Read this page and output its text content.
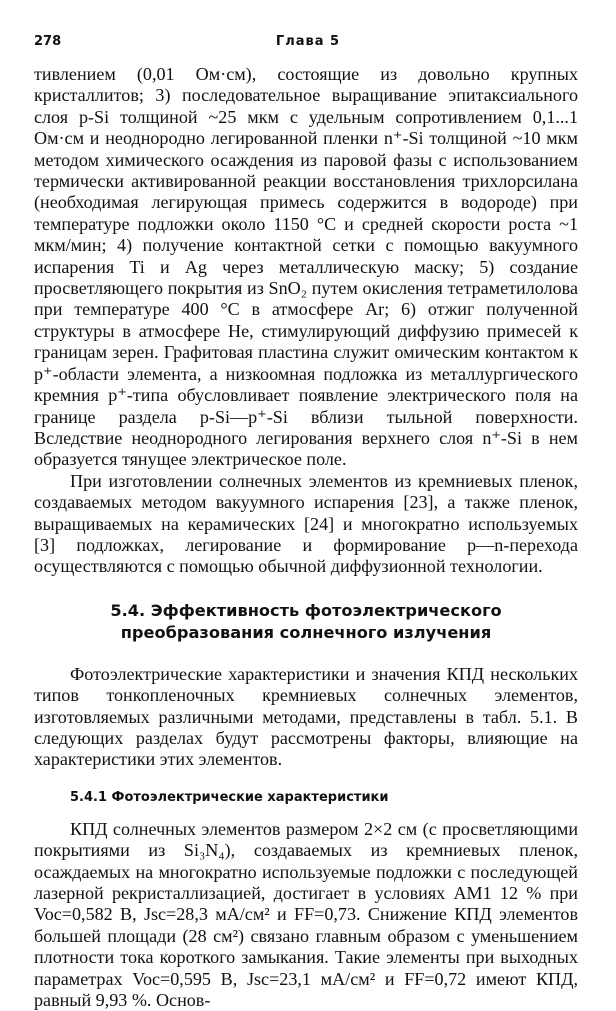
278	Глава 5

тивлением (0,01 Ом·см), состоящие из довольно крупных кристаллитов; 3) последовательное выращивание эпитаксиального слоя p-Si толщиной ~25 мкм с удельным сопротивлением 0,1...1 Ом·см и неоднородно легированной пленки n⁺-Si толщиной ~10 мкм методом химического осаждения из паровой фазы с использованием термически активированной реакции восстановления трихлорсилана (необходимая легирующая примесь содержится в водороде) при температуре подложки около 1150 °С и средней скорости роста ~1 мкм/мин; 4) получение контактной сетки с помощью вакуумного испарения Ti и Ag через металлическую маску; 5) создание просветляющего покрытия из SnO₂ путем окисления тетраметилолова при температуре 400 °С в атмосфере Ar; 6) отжиг полученной структуры в атмосфере He, стимулирующий диффузию примесей к границам зерен. Графитовая пластина служит омическим контактом к p⁺-области элемента, а низкоомная подложка из металлургического кремния p⁺-типа обусловливает появление электрического поля на границе раздела p-Si—p⁺-Si вблизи тыльной поверхности. Вследствие неоднородного легирования верхнего слоя n⁺-Si в нем образуется тянущее электрическое поле.

При изготовлении солнечных элементов из кремниевых пленок, создаваемых методом вакуумного испарения [23], а также пленок, выращиваемых на керамических [24] и многократно используемых [3] подложках, легирование и формирование p—n-перехода осуществляются с помощью обычной диффузионной технологии.

5.4. Эффективность фотоэлектрического
преобразования солнечного излучения

Фотоэлектрические характеристики и значения КПД нескольких типов тонкопленочных кремниевых солнечных элементов, изготовляемых различными методами, представлены в табл. 5.1. В следующих разделах будут рассмотрены факторы, влияющие на характеристики этих элементов.

5.4.1 Фотоэлектрические характеристики

КПД солнечных элементов размером 2×2 см (с просветляющими покрытиями из Si₃N₄), создаваемых из кремниевых пленок, осаждаемых на многократно используемые подложки с последующей лазерной рекристаллизацией, достигает в условиях AM1 12 % при Voc=0,582 В, Jsc=28,3 мА/см² и FF=0,73. Снижение КПД элементов большей площади (28 см²) связано главным образом с уменьшением плотности тока короткого замыкания. Такие элементы при выходных параметрах Voc=0,595 В, Jsc=23,1 мА/см² и FF=0,72 имеют КПД, равный 9,93 %. Основ-
